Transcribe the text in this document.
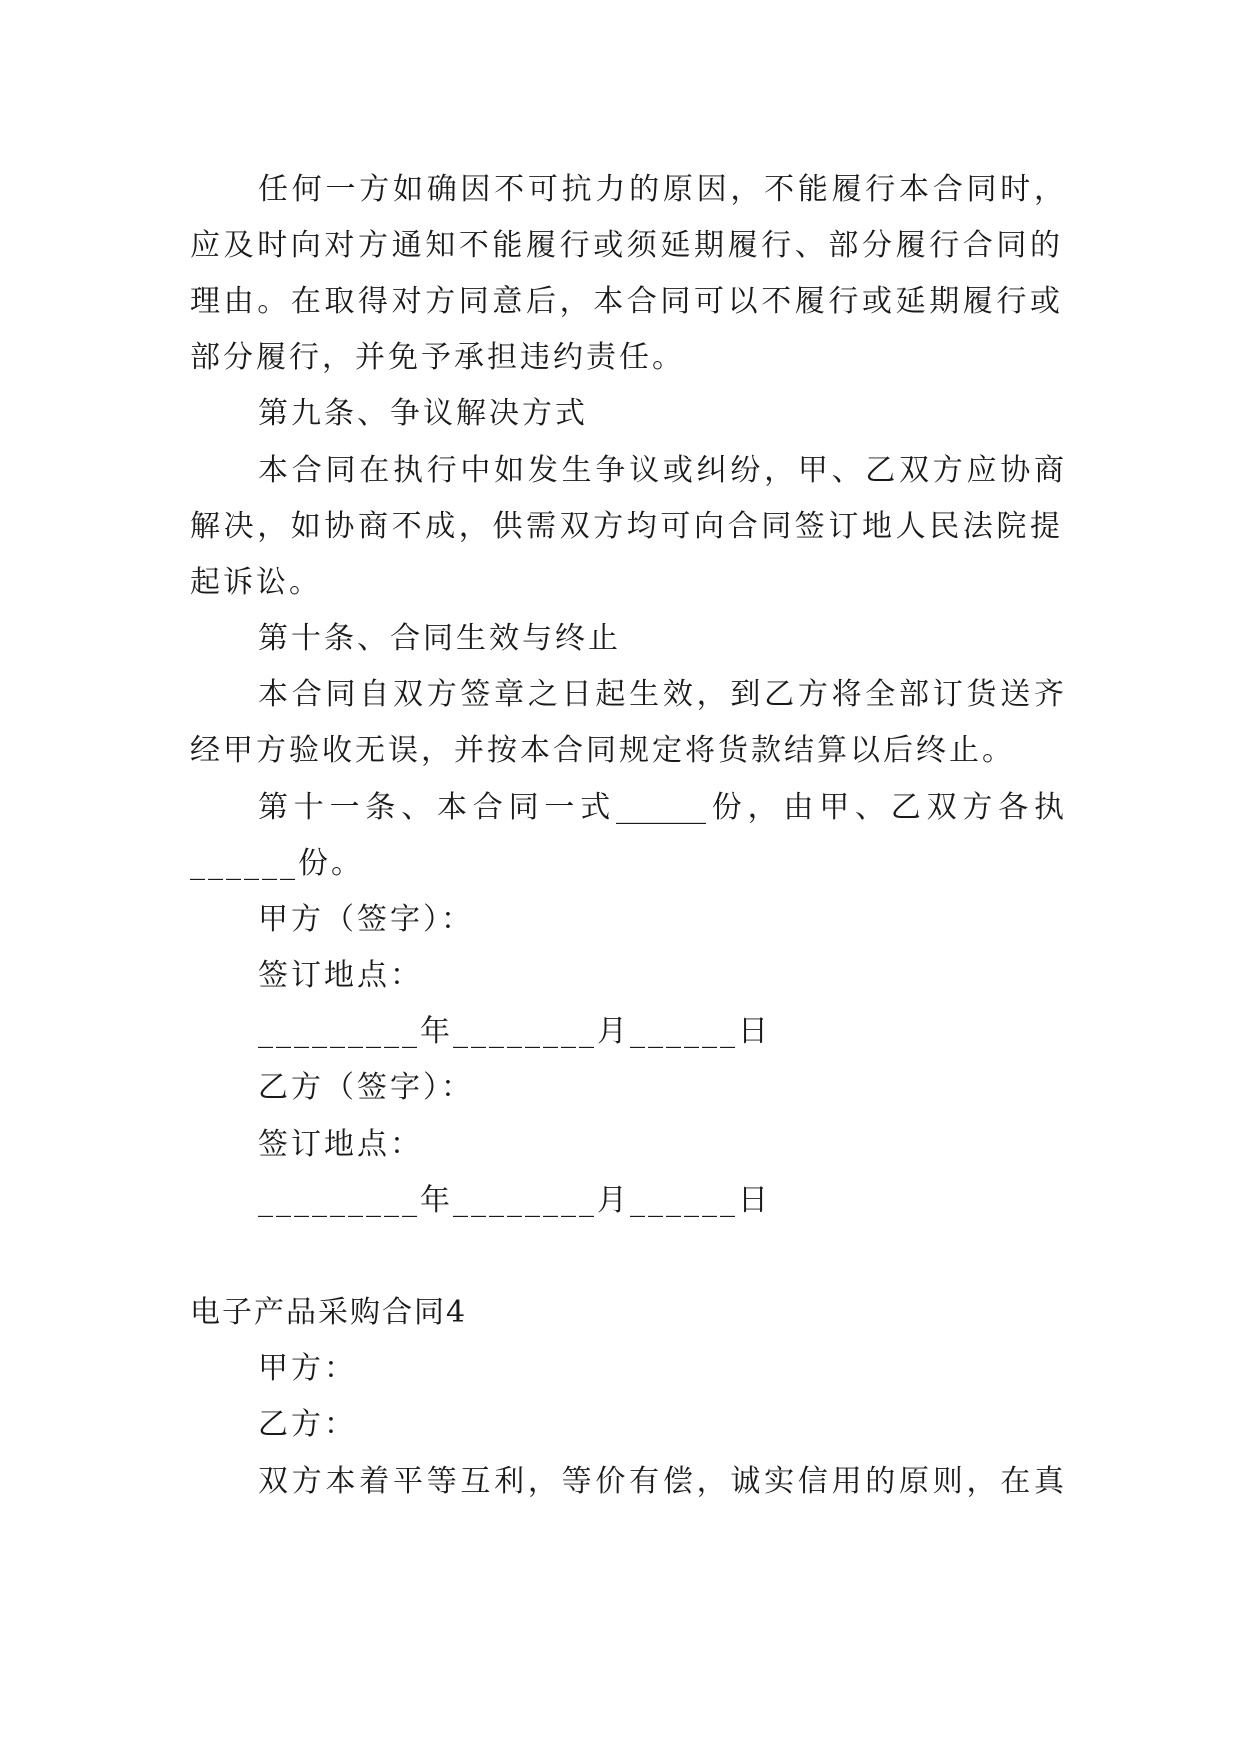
任何一方如确因不可抗力的原因，不能履行本合同时，
应及时向对方通知不能履行或须延期履行、部分履行合同的
理由。在取得对方同意后，本合同可以不履行或延期履行或
部分履行，并免予承担违约责任。
第九条、争议解决方式
本合同在执行中如发生争议或纠纷，甲、乙双方应协商
解决，如协商不成，供需双方均可向合同签订地人民法院提
起诉讼。
第十条、合同生效与终止
本合同自双方签章之日起生效，到乙方将全部订货送齐
经甲方验收无误，并按本合同规定将货款结算以后终止。
第十一条、本合同一式______份，由甲、乙双方各执
______份。
甲方（签字）：
签订地点：
_________年________月______日
乙方（签字）：
签订地点：
_________年________月______日
电子产品采购合同4
甲方：
乙方：
双方本着平等互利，等价有偿，诚实信用的原则，在真
